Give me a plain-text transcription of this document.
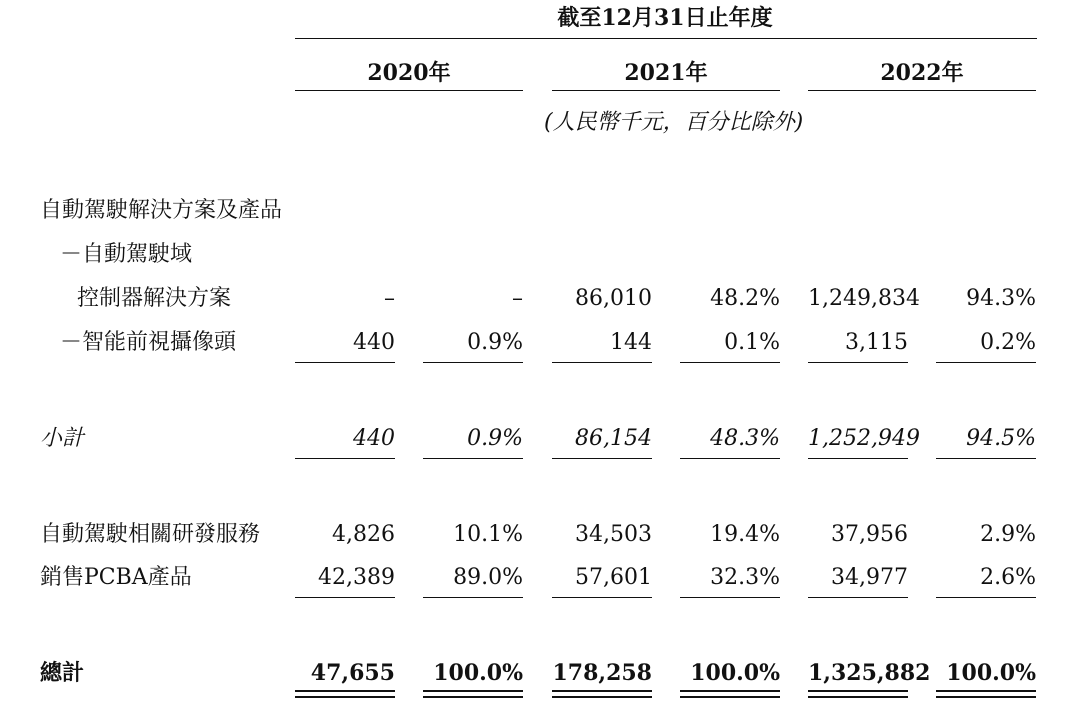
截至12月31日止年度
2020年	2021年	2022年
(人民幣千元，百分比除外)
自動駕駛解決方案及產品
－自動駕駛域
控制器解決方案	–	–	86,010	48.2% 1,249,834	94.3%
－智能前視攝像頭	440	0.9%	144	0.1%	3,115	0.2%
小計	440	0.9%	86,154	48.3% 1,252,949	94.5%
自動駕駛相關研發服務	4,826	10.1%	34,503	19.4%	37,956	2.9%
銷售PCBA產品	42,389	89.0%	57,601	32.3%	34,977	2.6%
總計	47,655	100.0% 178,258	100.0% 1,325,882 100.0%
